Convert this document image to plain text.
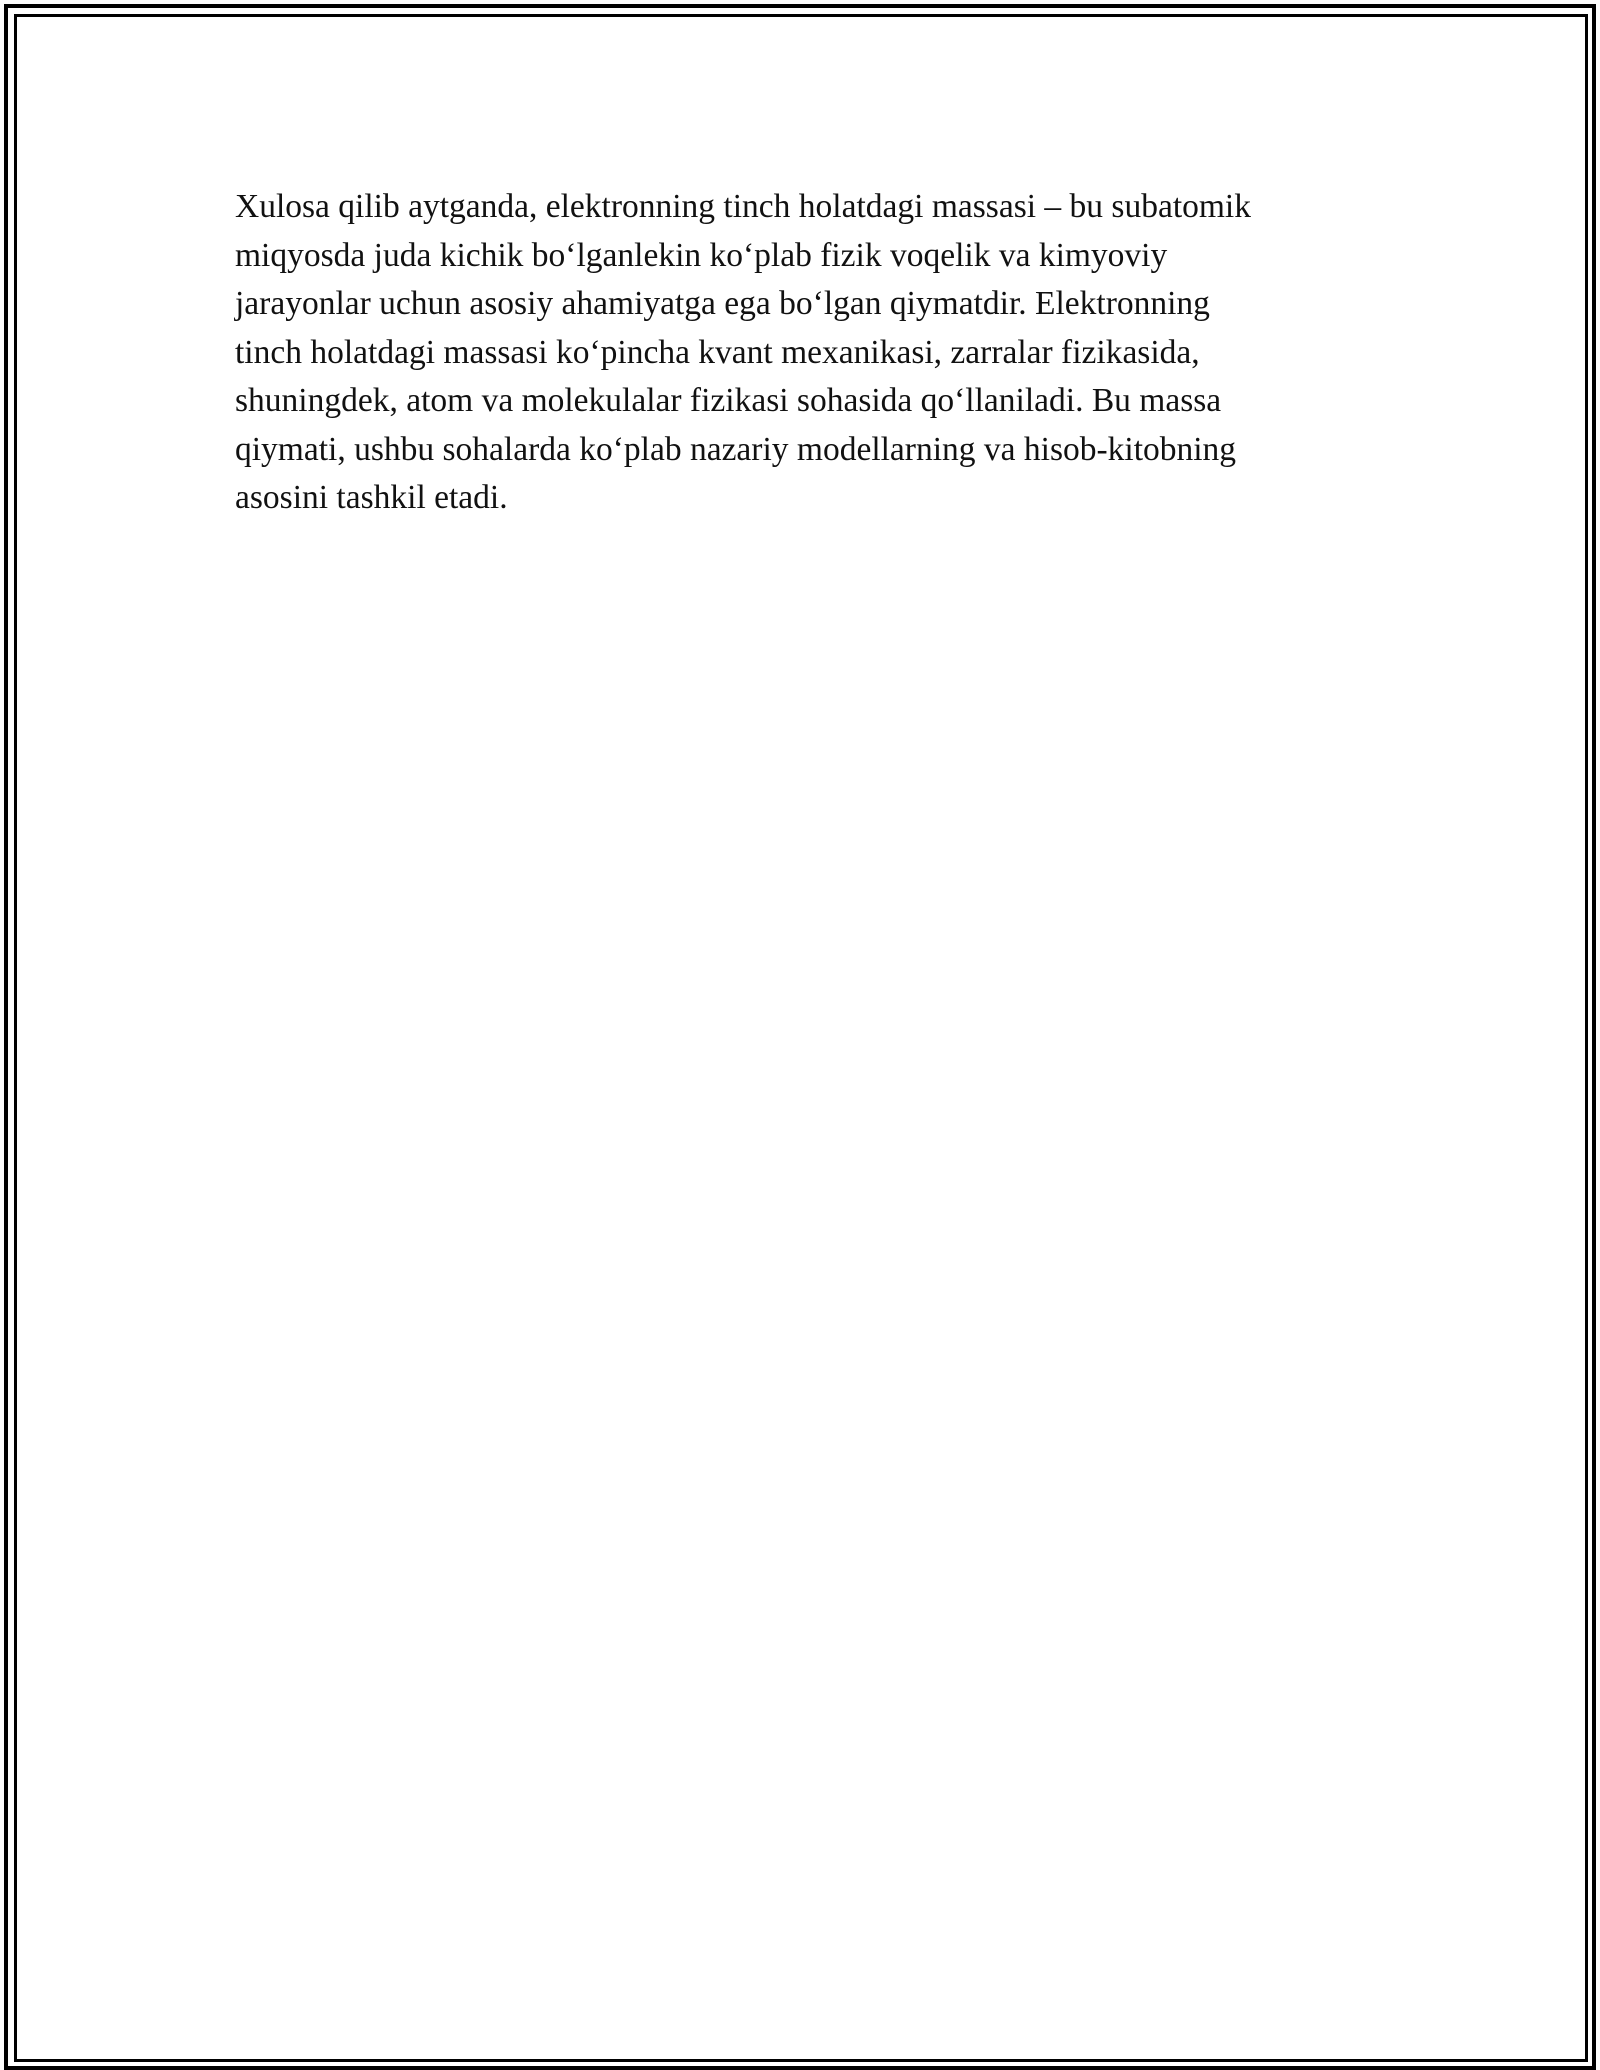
Xulosa qilib aytganda, elektronning tinch holatdagi massasi – bu subatomik
miqyosda juda kichik bo‘lganlekin ko‘plab fizik voqelik va kimyoviy
jarayonlar uchun asosiy ahamiyatga ega bo‘lgan qiymatdir. Elektronning
tinch holatdagi massasi ko‘pincha kvant mexanikasi, zarralar fizikasida,
shuningdek, atom va molekulalar fizikasi sohasida qo‘llaniladi. Bu massa
qiymati, ushbu sohalarda ko‘plab nazariy modellarning va hisob-kitobning
asosini tashkil etadi.
